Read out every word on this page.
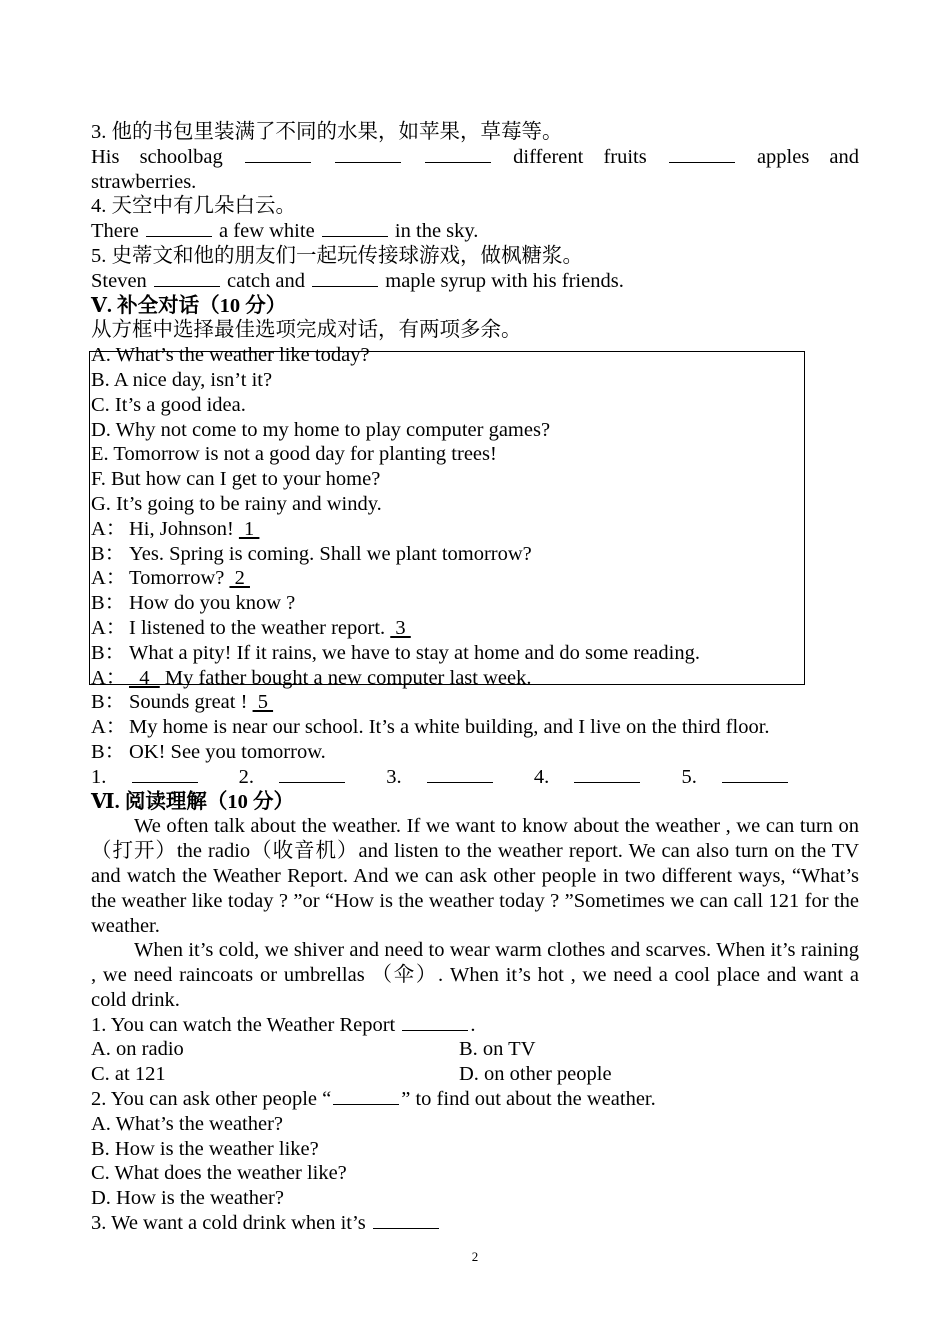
3. 他的书包里装满了不同的水果，如苹果，草莓等。
His schoolbag	different fruits	apples and
strawberries.
4. 天空中有几朵白云。
There	a few white	in the sky.
5. 史蒂文和他的朋友们一起玩传接球游戏，做枫糖浆。
Steven	catch and	maple syrup with his friends.
Ⅴ. 补全对话（10 分）
从方框中选择最佳选项完成对话，有两项多余。
A. What’s the weather like today?
B. A nice day, isn’t it?
C. It’s a good idea.
D. Why not come to my home to play computer games?
E. Tomorrow is not a good day for planting trees!
F. But how can I get to your home?
G. It’s going to be rainy and windy.
A： Hi, Johnson! 1
B： Yes. Spring is coming. Shall we plant tomorrow?
A： Tomorrow? 2
B： How do you know ?
A： I listened to the weather report. 3
B： What a pity! If it rains, we have to stay at home and do some reading.
A： 4 My father bought a new computer last week.
B： Sounds great ! 5
A： My home is near our school. It’s a white building, and I live on the third floor.
B： OK! See you tomorrow.
1.	2.	3.	4.	5.
Ⅵ. 阅读理解（10 分）
We often talk about the weather. If we want to know about the weather , we can turn on（打开）the radio（收音机）and listen to the weather report. We can also turn on the TV and watch the Weather Report. And we can ask other people in two different ways, “What’s the weather like today ? ”or “How is the weather today ? ”Sometimes we can call 121 for the weather.
When it’s cold, we shiver and need to wear warm clothes and scarves. When it’s raining , we need raincoats or umbrellas （伞）. When it’s hot , we need a cool place and want a cold drink.
1. You can watch the Weather Report	.
A. on radio	B. on TV
C. at 121	D. on other people
2. You can ask other people “	” to find out about the weather.
A. What’s the weather?
B. How is the weather like?
C. What does the weather like?
D. How is the weather?
3. We want a cold drink when it’s
2
